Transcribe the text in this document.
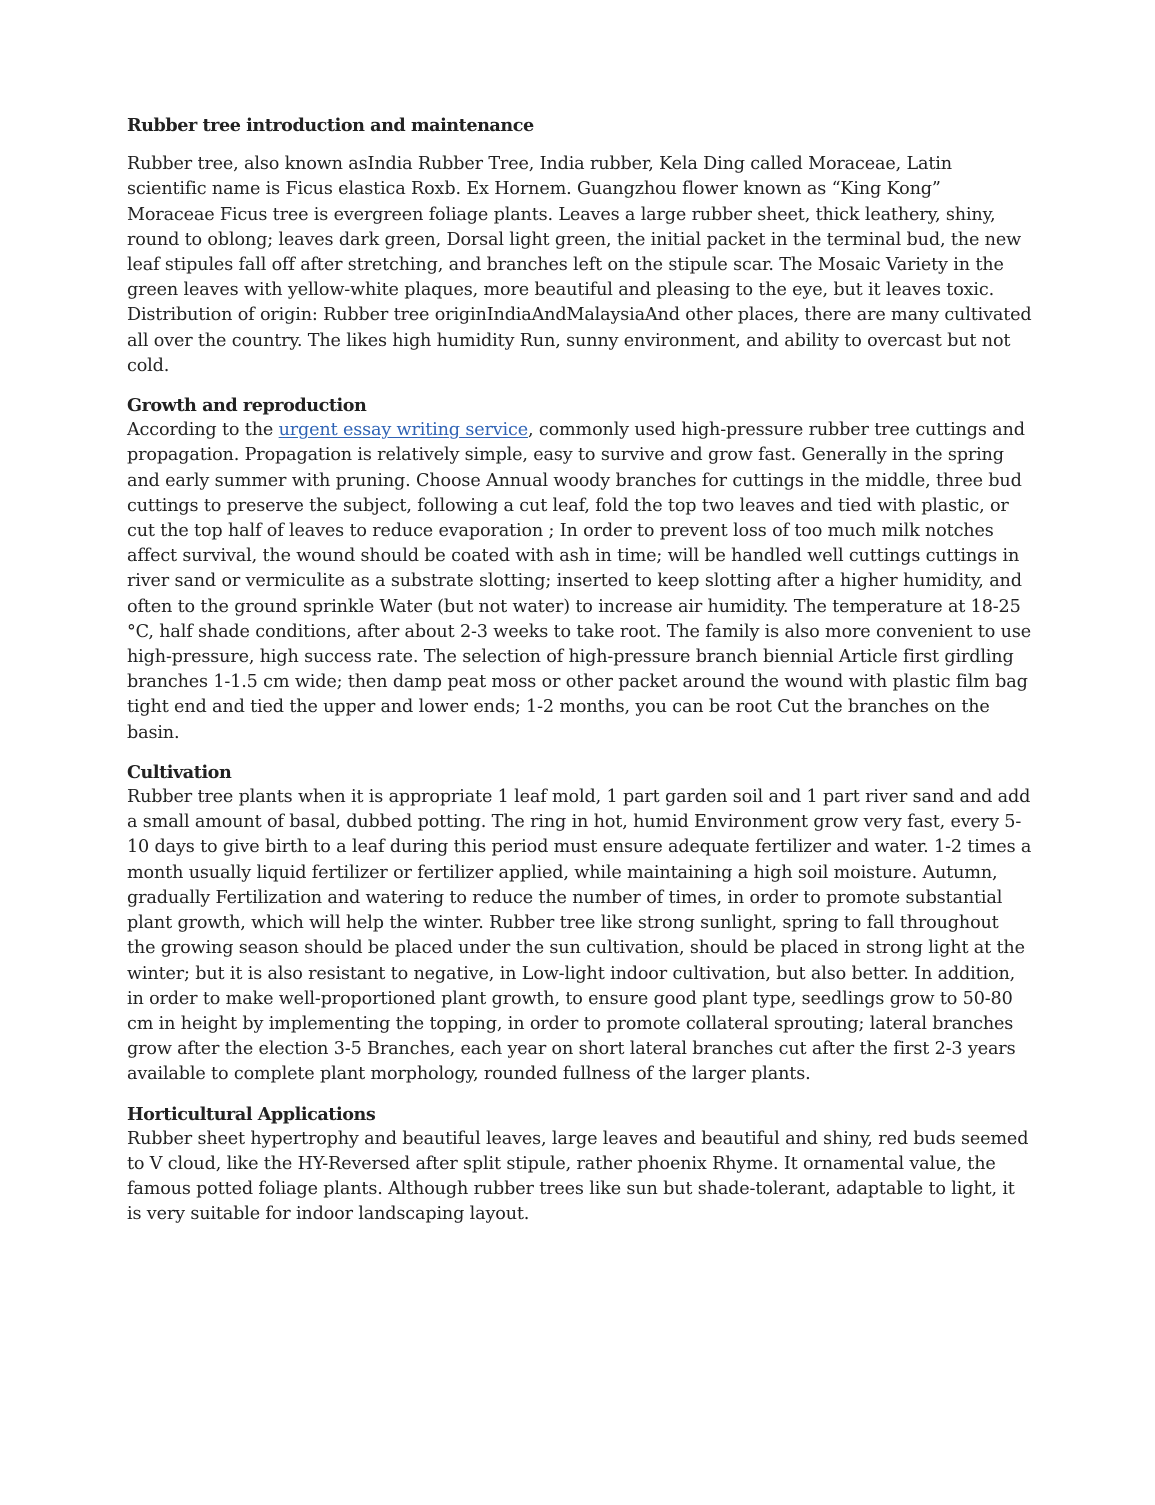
Rubber tree introduction and maintenance

Rubber tree, also known asIndia Rubber Tree, India rubber, Kela Ding called Moraceae, Latin scientific name is Ficus elastica Roxb. Ex Hornem. Guangzhou flower known as “King Kong” Moraceae Ficus tree is evergreen foliage plants. Leaves a large rubber sheet, thick leathery, shiny, round to oblong; leaves dark green, Dorsal light green, the initial packet in the terminal bud, the new leaf stipules fall off after stretching, and branches left on the stipule scar. The Mosaic Variety in the green leaves with yellow-white plaques, more beautiful and pleasing to the eye, but it leaves toxic. Distribution of origin: Rubber tree originIndiaAndMalaysiaAnd other places, there are many cultivated all over the country. The likes high humidity Run, sunny environment, and ability to overcast but not cold.

Growth and reproduction

According to the urgent essay writing service, commonly used high-pressure rubber tree cuttings and propagation. Propagation is relatively simple, easy to survive and grow fast. Generally in the spring and early summer with pruning. Choose Annual woody branches for cuttings in the middle, three bud cuttings to preserve the subject, following a cut leaf, fold the top two leaves and tied with plastic, or cut the top half of leaves to reduce evaporation ; In order to prevent loss of too much milk notches affect survival, the wound should be coated with ash in time; will be handled well cuttings cuttings in river sand or vermiculite as a substrate slotting; inserted to keep slotting after a higher humidity, and often to the ground sprinkle Water (but not water) to increase air humidity. The temperature at 18-25 °C, half shade conditions, after about 2-3 weeks to take root. The family is also more convenient to use high-pressure, high success rate. The selection of high-pressure branch biennial Article first girdling branches 1-1.5 cm wide; then damp peat moss or other packet around the wound with plastic film bag tight end and tied the upper and lower ends; 1-2 months, you can be root Cut the branches on the basin.

Cultivation

Rubber tree plants when it is appropriate 1 leaf mold, 1 part garden soil and 1 part river sand and add a small amount of basal, dubbed potting. The ring in hot, humid Environment grow very fast, every 5-10 days to give birth to a leaf during this period must ensure adequate fertilizer and water. 1-2 times a month usually liquid fertilizer or fertilizer applied, while maintaining a high soil moisture. Autumn, gradually Fertilization and watering to reduce the number of times, in order to promote substantial plant growth, which will help the winter. Rubber tree like strong sunlight, spring to fall throughout the growing season should be placed under the sun cultivation, should be placed in strong light at the winter; but it is also resistant to negative, in Low-light indoor cultivation, but also better. In addition, in order to make well-proportioned plant growth, to ensure good plant type, seedlings grow to 50-80 cm in height by implementing the topping, in order to promote collateral sprouting; lateral branches grow after the election 3-5 Branches, each year on short lateral branches cut after the first 2-3 years available to complete plant morphology, rounded fullness of the larger plants.

Horticultural Applications

Rubber sheet hypertrophy and beautiful leaves, large leaves and beautiful and shiny, red buds seemed to V cloud, like the HY-Reversed after split stipule, rather phoenix Rhyme. It ornamental value, the famous potted foliage plants. Although rubber trees like sun but shade-tolerant, adaptable to light, it is very suitable for indoor landscaping layout.
